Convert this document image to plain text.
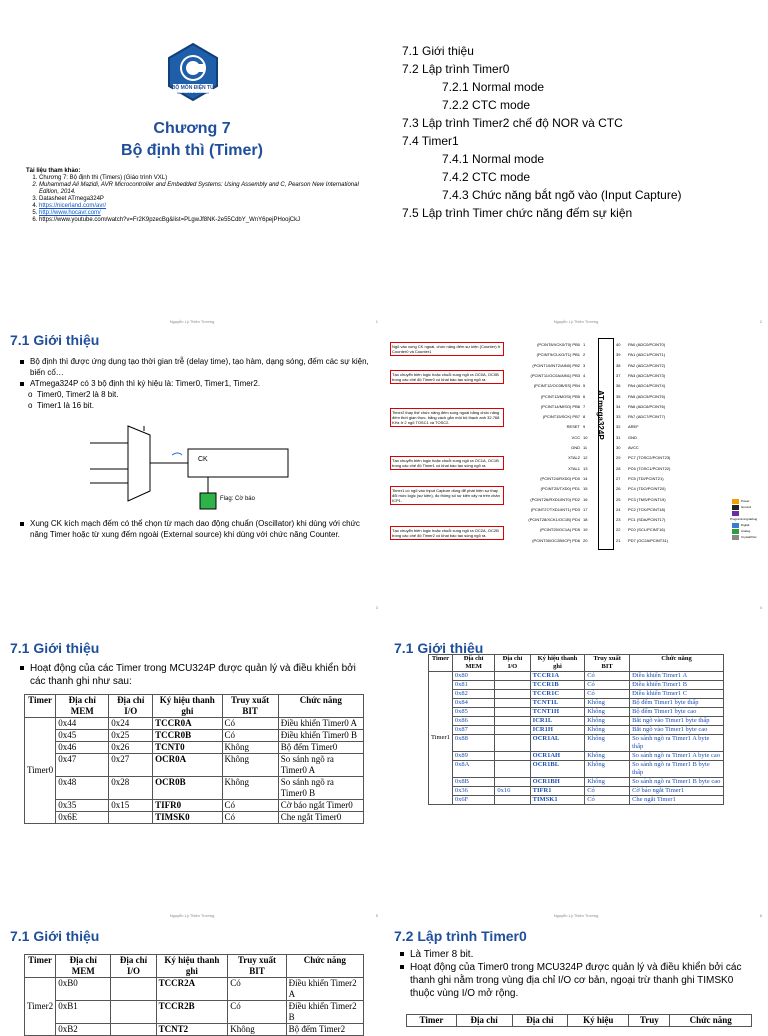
BỘ MÔN ĐIỆN TỬ
Electronics Department
Chương 7
Bộ định thì (Timer)
Tài liệu tham khảo:
1. Chương 7: Bộ định thì (Timers) (Giáo trình VXL)
2. Muhammad Ali Mazidi, AVR Microcontroller and Embedded Systems: Using Assembly and C, Pearson New International Edition, 2014.
3. Datasheet ATmega324P
4. https://nicerland.com/avr/
5. http://www.hocavr.com/
6. https://www.youtube.com/watch?v=Fr2K9pzecBg&list=PLgwJf8NK-2e55CdbY_WnY6pejPHoojCkJ
Nguyễn Lý Thiên Trường	1
7.1 Giới thiệu
7.2 Lập trình Timer0
7.2.1 Normal mode
7.2.2 CTC mode
7.3 Lập trình Timer2 chế độ NOR và CTC
7.4 Timer1
7.4.1 Normal mode
7.4.2 CTC mode
7.4.3 Chức năng bắt ngõ vào (Input Capture)
7.5 Lập trình Timer chức năng đếm sự kiện
Nguyễn Lý Thiên Trường	2
7.1 Giới thiệu
Bộ định thì được ứng dụng tạo thời gian trễ (delay time), tạo hàm, dạng sóng, đếm các sự kiện, biến cố…
ATmega324P có 3 bộ định thì ký hiệu là: Timer0, Timer1, Timer2.
o  Timer0, Timer2 là 8 bit.
o  Timer1 là 16 bit.
CK
Flag: Cờ báo
Xung CK kích mạch đếm có thể chọn từ mạch dao động chuẩn (Oscillator) khi dùng với chức năng Timer hoặc từ xung đếm ngoài (External source) khi dùng với chức năng Counter.
3
Ngõ vào xung CK ngoài, chức năng đếm sự kiện (Counter) ở Counter0 và Counter1
Tạo chuyển biến logic hoặc chuỗi xung ngõ ra OC0A, OC0B trong các chế độ Timer0 có khai báo tạo sóng ngõ ra.
Timer2 thay thế chức năng đếm sung ngoài bằng chức năng đếm thời gian thực, bằng cách gắn một bộ thạch anh 32.768 KHz ở 2 ngõ TOSC1 và TOSC2.
Tạo chuyển biến logic hoặc chuỗi xung ngõ ra OC1A, OC1B trong các chế độ Timer1 có khai báo tạo sóng ngõ ra.
Timer1 có ngõ vào Input Capture dùng để phát hiện sự thay đổi mức logic (sự kiện), đo thông số sự kiện xảy ra trên chân ICP1.
Tạo chuyển biến logic hoặc chuỗi xung ngõ ra OC2A, OC2B trong các chế độ Timer2 có khai báo tạo sóng ngõ ra.
ATmega324P
(PCINT8/XCK0/T0) PB0 1
(PCINT9/CLKO/T1) PB1 2
(PCINT10/INT2/AIN0) PB2 3
(PCINT11/OC0A/AIN1) PB3 4
(PCINT12/OC0B/SS) PB4 5
(PCINT13/MOSI) PB5 6
(PCINT14/MISO) PB6 7
(PCINT15/SCK) PB7 8
RESET 9
VCC 10
GND 11
XTAL2 12
XTAL1 13
(PCINT24/RXD0) PD0 14
(PCINT25/TXD0) PD1 15
(PCINT26/RXD1/INT0) PD2 16
(PCINT27/TXD1/INT1) PD3 17
(PCINT28/XCK1/OC1B) PD4 18
(PCINT29/OC1A) PD5 19
(PCINT30/OC2B/ICP) PD6 20
PA0 (ADC0/PCINT0)
40
PA1 (ADC1/PCINT1)
39
PA2 (ADC2/PCINT2)
38
PA3 (ADC3/PCINT3)
37
PA4 (ADC4/PCINT4)
36
PA5 (ADC5/PCINT5)
35
PA6 (ADC6/PCINT6)
34
PA7 (ADC7/PCINT7)
33
AREF
32
GND
31
AVCC
30
PC7 (TOSC2/PCINT23)
29
PC6 (TOSC1/PCINT22)
28
PC5 (TDI/PCINT21)
27
PC4 (TDO/PCINT20)
26
PC3 (TMS/PCINT19)
25
PC2 (TCK/PCINT18)
24
PC1 (SDA/PCINT17)
23
PC0 (SCL/PCINT16)
22
PD7 (OC2A/PCINT31)
21
Power
Ground
Programming/debug
Digital
Analog
Crystal/Osc
4
7.1 Giới thiệu
Hoạt động của các Timer trong MCU324P được quản lý và điều khiển bởi các thanh ghi như sau:
Timer	Địa chỉ MEM	Địa chỉ I/O	Ký hiệu thanh ghi	Truy xuất BIT	Chức năng
Timer0	0x44	0x24	TCCR0A	Có	Điều khiển Timer0 A
	0x45	0x25	TCCR0B	Có	Điều khiển Timer0 B
	0x46	0x26	TCNT0	Không	Bộ đếm Timer0
	0x47	0x27	OCR0A	Không	So sánh ngõ ra Timer0 A
	0x48	0x28	OCR0B	Không	So sánh ngõ ra Timer0 B
	0x35	0x15	TIFR0	Có	Cờ báo ngắt Timer0
	0x6E		TIMSK0	Có	Che ngắt Timer0
Nguyễn Lý Thiên Trường	5
7.1 Giới thiệu
Timer	Địa chỉ MEM	Địa chỉ I/O	Ký hiệu thanh ghi	Truy xuất BIT	Chức năng
Timer1	0x80		TCCR1A	Có	Điều khiển Timer1 A
	0x81		TCCR1B	Có	Điều khiển Timer1 B
	0x82		TCCR1C	Có	Điều khiển Timer1 C
	0x84		TCNT1L	Không	Bộ đếm Timer1 byte thấp
	0x85		TCNT1H	Không	Bộ đếm Timer1 byte cao
	0x86		ICR1L	Không	Bắt ngõ vào Timer1 byte thấp
	0x87		ICR1H	Không	Bắt ngõ vào Timer1 byte cao
	0x88		OCR1AL	Không	So sánh ngõ ra Timer1 A byte thấp
	0x89		OCR1AH	Không	So sánh ngõ ra Timer1 A byte cao
	0x8A		OCR1BL	Không	So sánh ngõ ra Timer1 B byte thấp
	0x8B		OCR1BH	Không	So sánh ngõ ra Timer1 B byte cao
	0x36	0x16	TIFR1	Có	Cờ báo ngắt Timer1
	0x6F		TIMSK1	Có	Che ngắt Timer1
Nguyễn Lý Thiên Trường	6
7.1 Giới thiệu
Timer	Địa chỉ MEM	Địa chỉ I/O	Ký hiệu thanh ghi	Truy xuất BIT	Chức năng
Timer2	0xB0		TCCR2A	Có	Điều khiển Timer2 A
	0xB1		TCCR2B	Có	Điều khiển Timer2 B
	0xB2		TCNT2	Không	Bộ đếm Timer2
7.2 Lập trình Timer0
Là Timer 8 bit.
Hoạt động của Timer0 trong MCU324P được quản lý và điều khiển bởi các thanh ghi nằm trong vùng địa chỉ I/O cơ bản, ngoại trừ thanh ghi TIMSK0 thuộc vùng I/O mở rộng.
Timer	Địa chỉ	Địa chỉ	Ký hiệu	Truy	Chức năng
